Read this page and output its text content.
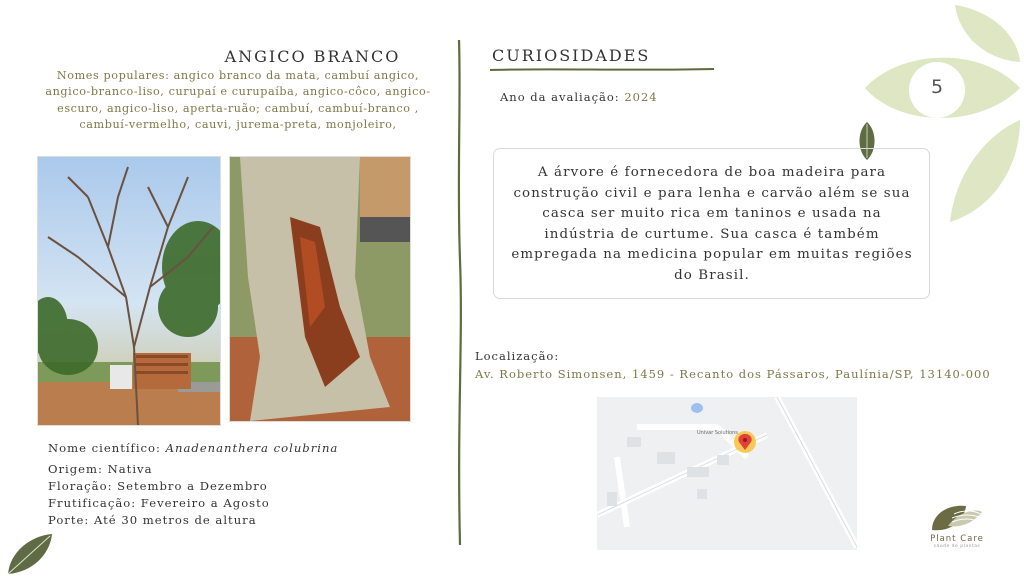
ANGICO BRANCO
Nomes populares: angico branco da mata, cambuí angico, angico-branco-liso, curupaí e curupaíba, angico-côco, angico-escuro, angico-liso, aperta-ruão; cambuí, cambuí-branco , cambuí-vermelho, cauvi, jurema-preta, monjoleiro,
Nome científico: Anadenanthera colubrina
Origem: Nativa
Floração: Setembro a Dezembro
Frutificação: Fevereiro a Agosto
Porte: Até 30 metros de altura
CURIOSIDADES
Ano da avaliação: 2024
A árvore é fornecedora de boa madeira para construção civil e para lenha e carvão além se sua casca ser muito rica em taninos e usada na indústria de curtume. Sua casca é também empregada na medicina popular em muitas regiões do Brasil.
Localização:
Av. Roberto Simonsen, 1459 - Recanto dos Pássaros, Paulínia/SP, 13140-000
Univar Solutions
5
Plant Care
saúde de plantas
